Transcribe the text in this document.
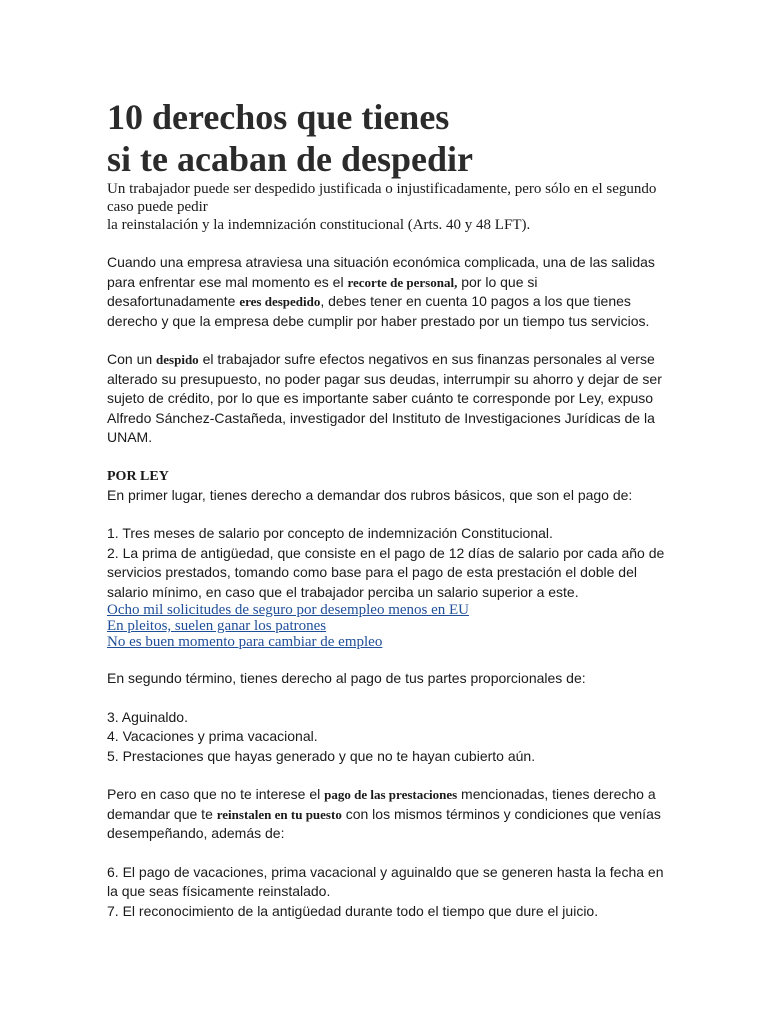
10 derechos que tienes
si te acaban de despedir
Un trabajador puede ser despedido justificada o injustificadamente, pero sólo en el segundo caso puede pedir
la reinstalación y la indemnización constitucional (Arts. 40 y 48 LFT).

Cuando una empresa atraviesa una situación económica complicada, una de las salidas para enfrentar ese mal momento es el recorte de personal, por lo que si desafortunadamente eres despedido, debes tener en cuenta 10 pagos a los que tienes derecho y que la empresa debe cumplir por haber prestado por un tiempo tus servicios.

Con un despido el trabajador sufre efectos negativos en sus finanzas personales al verse alterado su presupuesto, no poder pagar sus deudas, interrumpir su ahorro y dejar de ser sujeto de crédito, por lo que es importante saber cuánto te corresponde por Ley, expuso Alfredo Sánchez-Castañeda, investigador del Instituto de Investigaciones Jurídicas de la UNAM.

POR LEY

En primer lugar, tienes derecho a demandar dos rubros básicos, que son el pago de:

1. Tres meses de salario por concepto de indemnización Constitucional.

2. La prima de antigüedad, que consiste en el pago de 12 días de salario por cada año de servicios prestados, tomando como base para el pago de esta prestación el doble del salario mínimo, en caso que el trabajador perciba un salario superior a este.

Ocho mil solicitudes de seguro por desempleo menos en EU
En pleitos, suelen ganar los patrones
No es buen momento para cambiar de empleo

En segundo término, tienes derecho al pago de tus partes proporcionales de:

3. Aguinaldo.

4. Vacaciones y prima vacacional.

5. Prestaciones que hayas generado y que no te hayan cubierto aún.

Pero en caso que no te interese el pago de las prestaciones mencionadas, tienes derecho a demandar que te reinstalen en tu puesto con los mismos términos y condiciones que venías desempeñando, además de:

6. El pago de vacaciones, prima vacacional y aguinaldo que se generen hasta la fecha en la que seas físicamente reinstalado.

7. El reconocimiento de la antigüedad durante todo el tiempo que dure el juicio.
